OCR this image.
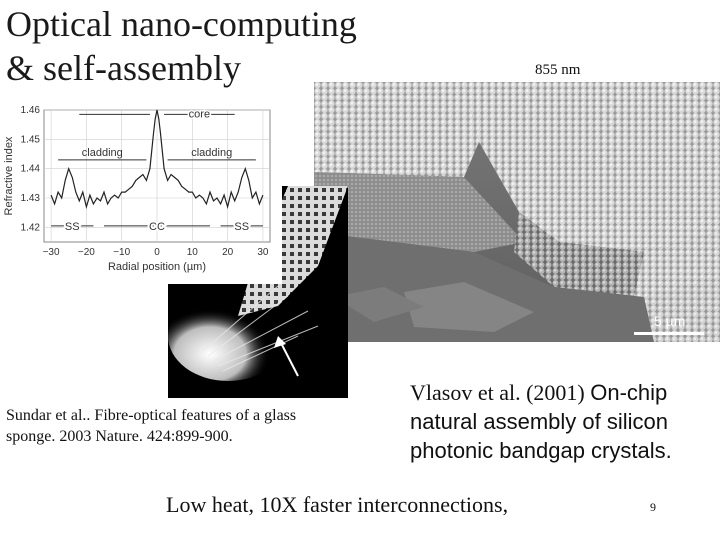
Optical nano-computing
& self-assembly	855 nm
5 µm
1.42
1.43
1.44
1.45
1.46
−30 −20 −10 0	10 20 30
Radial position (µm)
Refractive index
core
cladding	cladding
SS	CC	SS
Sundar et al.. Fibre-optical features of a glass sponge. 2003 Nature. 424:899-900.
Vlasov et al. (2001) On-chip natural assembly of silicon photonic bandgap crystals.
Low heat, 10X faster interconnections,	9
